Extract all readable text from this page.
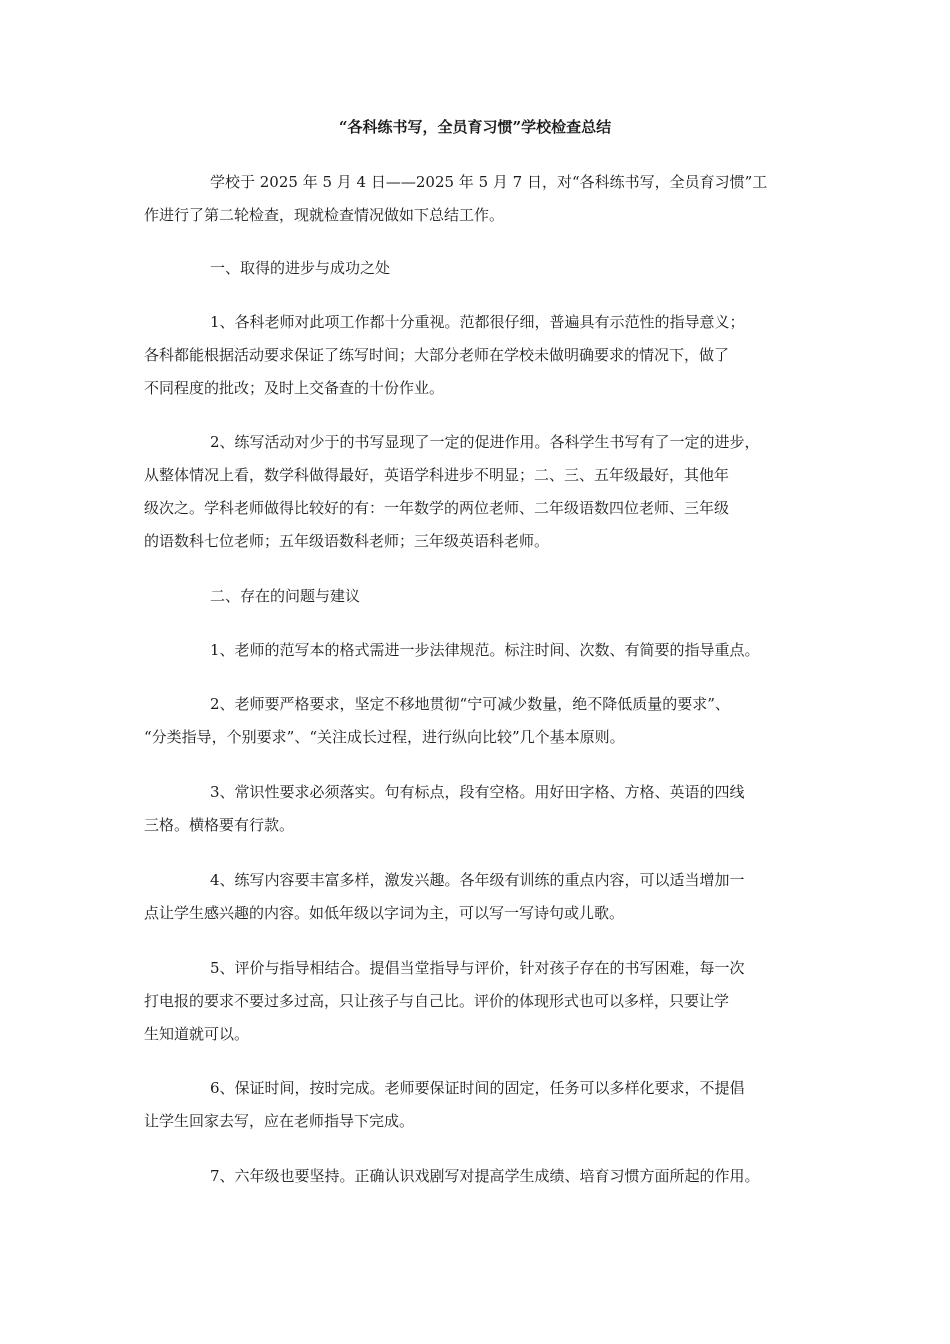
“各科练书写，全员育习惯”学校检查总结
学校于 2025 年 5 月 4 日——2025 年 5 月 7 日，对“各科练书写，全员育习惯”工
作进行了第二轮检查，现就检查情况做如下总结工作。
一、取得的进步与成功之处
1、各科老师对此项工作都十分重视。范都很仔细，普遍具有示范性的指导意义；
各科都能根据活动要求保证了练写时间；大部分老师在学校未做明确要求的情况下，做了
不同程度的批改；及时上交备查的十份作业。
2、练写活动对少于的书写显现了一定的促进作用。各科学生书写有了一定的进步，
从整体情况上看，数学科做得最好，英语学科进步不明显；二、三、五年级最好，其他年
级次之。学科老师做得比较好的有：一年数学的两位老师、二年级语数四位老师、三年级
的语数科七位老师；五年级语数科老师；三年级英语科老师。
二、存在的问题与建议
1、老师的范写本的格式需进一步法律规范。标注时间、次数、有简要的指导重点。
2、老师要严格要求，坚定不移地贯彻“宁可减少数量，绝不降低质量的要求”、
“分类指导，个别要求”、“关注成长过程，进行纵向比较”几个基本原则。
3、常识性要求必须落实。句有标点，段有空格。用好田字格、方格、英语的四线
三格。横格要有行款。
4、练写内容要丰富多样，激发兴趣。各年级有训练的重点内容，可以适当增加一
点让学生感兴趣的内容。如低年级以字词为主，可以写一写诗句或儿歌。
5、评价与指导相结合。提倡当堂指导与评价，针对孩子存在的书写困难，每一次
打电报的要求不要过多过高，只让孩子与自己比。评价的体现形式也可以多样，只要让学
生知道就可以。
6、保证时间，按时完成。老师要保证时间的固定，任务可以多样化要求，不提倡
让学生回家去写，应在老师指导下完成。
7、六年级也要坚持。正确认识戏剧写对提高学生成绩、培育习惯方面所起的作用。
